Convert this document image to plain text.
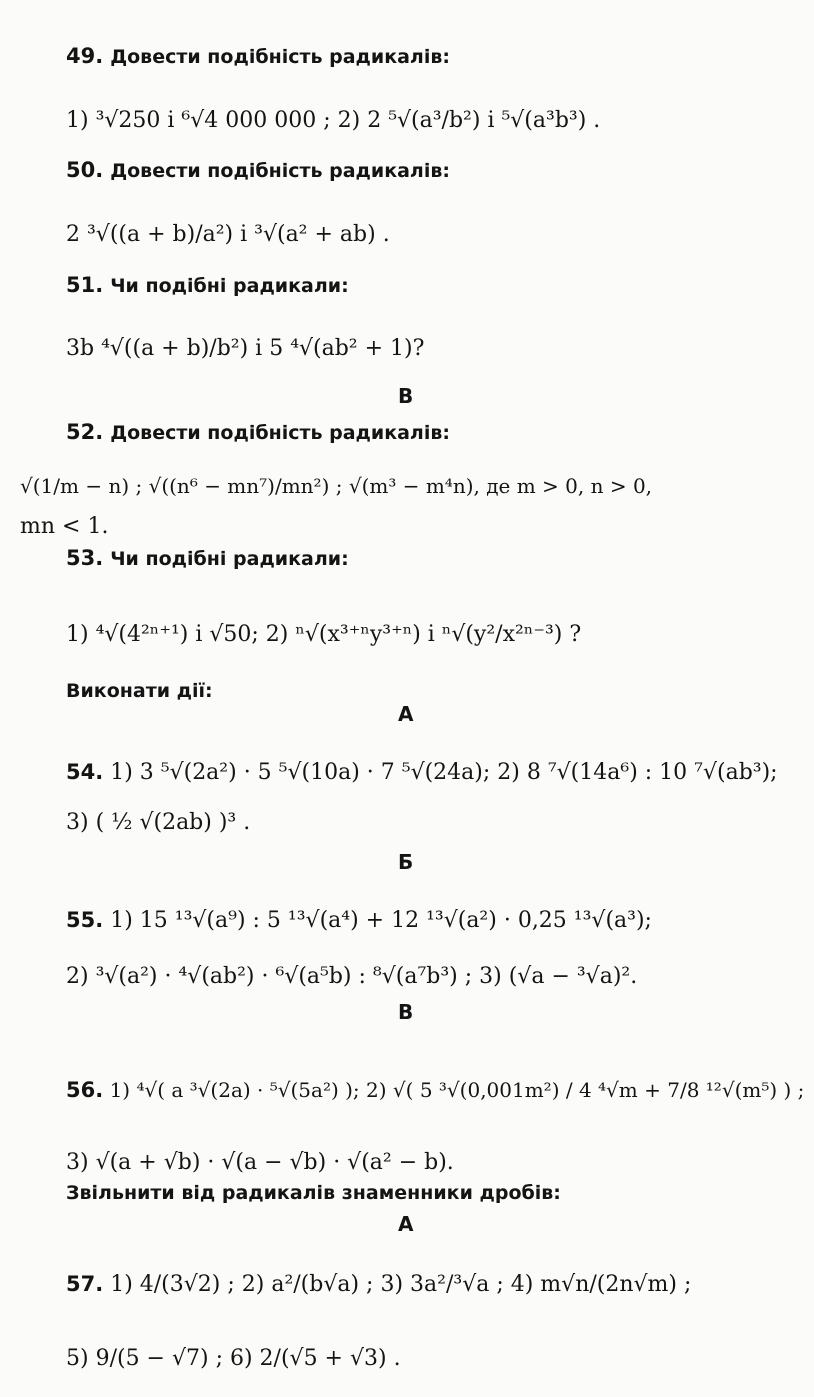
49. Довести подібність радикалів:
1) ³√250 і ⁶√4 000 000 ; 2) 2 ⁵√(a³/b²) і ⁵√(a³b³) .
50. Довести подібність радикалів:
2 ³√((a + b)/a²) і ³√(a² + ab) .
51. Чи подібні радикали:
3b ⁴√((a + b)/b²) і 5 ⁴√(ab² + 1)?
В
52. Довести подібність радикалів:
√(1/m − n) ; √((n⁶ − mn⁷)/mn²) ; √(m³ − m⁴n), де m > 0, n > 0,
mn < 1.
53. Чи подібні радикали:
1) ⁴√(4²ⁿ⁺¹) і √50; 2) ⁿ√(x³⁺ⁿy³⁺ⁿ) і ⁿ√(y²/x²ⁿ⁻³) ?
Виконати дії:
А
54. 1) 3 ⁵√(2a²) · 5 ⁵√(10a) · 7 ⁵√(24a); 2) 8 ⁷√(14a⁶) : 10 ⁷√(ab³);
3) ( ½ √(2ab) )³ .
Б
55. 1) 15 ¹³√(a⁹) : 5 ¹³√(a⁴) + 12 ¹³√(a²) · 0,25 ¹³√(a³);
2) ³√(a²) · ⁴√(ab²) · ⁶√(a⁵b) : ⁸√(a⁷b³) ; 3) (√a − ³√a)².
В
56. 1) ⁴√( a ³√(2a) · ⁵√(5a²) ); 2) √( 5 ³√(0,001m²) / 4 ⁴√m + 7/8 ¹²√(m⁵) ) ;
3) √(a + √b) · √(a − √b) · √(a² − b).
Звільнити від радикалів знаменники дробів:
А
57. 1) 4/(3√2) ; 2) a²/(b√a) ; 3) 3a²/³√a ; 4) m√n/(2n√m) ;
5) 9/(5 − √7) ; 6) 2/(√5 + √3) .
